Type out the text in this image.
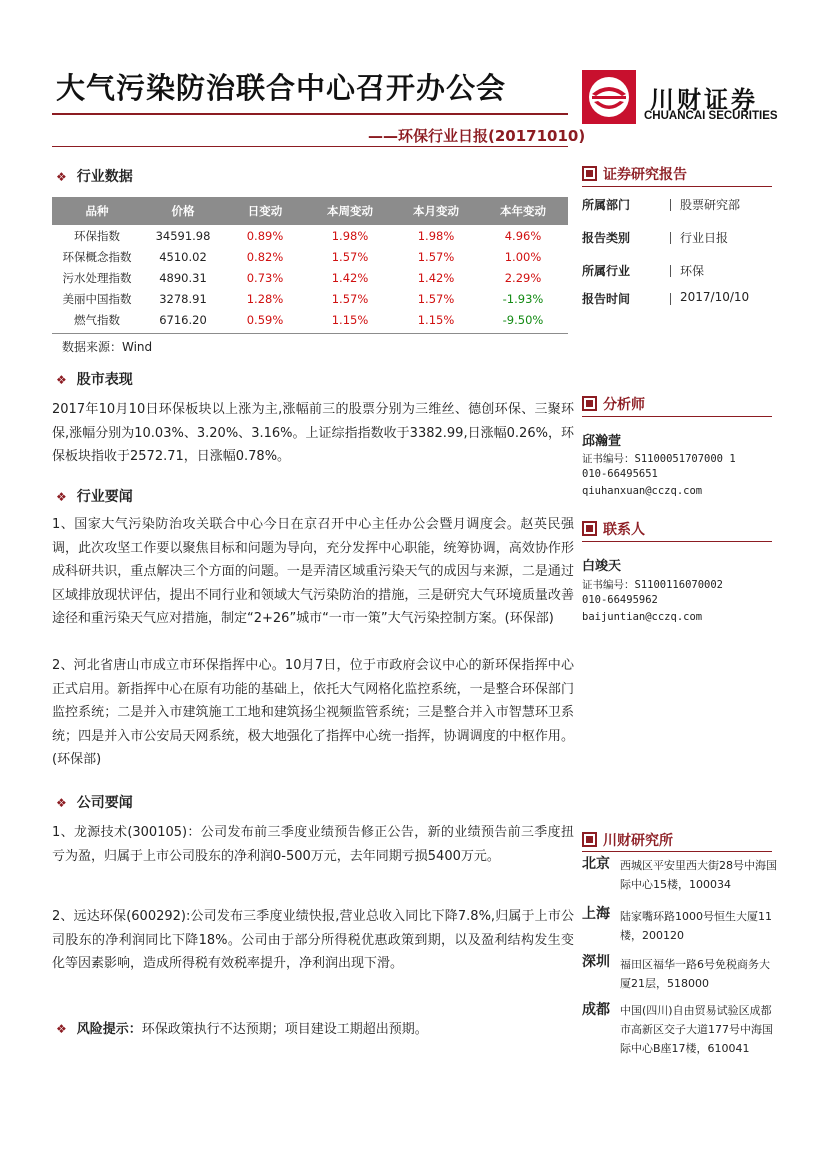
大气污染防治联合中心召开办公会
——环保行业日报(20171010)
川财证券
CHUANCAI SECURITIES
❖ 行业数据
品种	价格	日变动	本周变动	本月变动	本年变动
环保指数	34591.98	0.89%	1.98%	1.98%	4.96%
环保概念指数	4510.02	0.82%	1.57%	1.57%	1.00%
污水处理指数	4890.31	0.73%	1.42%	1.42%	2.29%
美丽中国指数	3278.91	1.28%	1.57%	1.57%	-1.93%
燃气指数	6716.20	0.59%	1.15%	1.15%	-9.50%
数据来源：Wind
❖ 股市表现
2017年10月10日环保板块以上涨为主,涨幅前三的股票分别为三维丝、德创环保、三聚环保,涨幅分别为10.03%、3.20%、3.16%。上证综指指数收于3382.99,日涨幅0.26%，环保板块指收于2572.71，日涨幅0.78%。
❖ 行业要闻
1、国家大气污染防治攻关联合中心今日在京召开中心主任办公会暨月调度会。赵英民强调，此次攻坚工作要以聚焦目标和问题为导向，充分发挥中心职能，统筹协调，高效协作形成科研共识，重点解决三个方面的问题。一是弄清区域重污染天气的成因与来源，二是通过区域排放现状评估，提出不同行业和领域大气污染防治的措施，三是研究大气环境质量改善途径和重污染天气应对措施，制定“2+26”城市“一市一策”大气污染控制方案。(环保部)
2、河北省唐山市成立市环保指挥中心。10月7日，位于市政府会议中心的新环保指挥中心正式启用。新指挥中心在原有功能的基础上，依托大气网格化监控系统，一是整合环保部门监控系统；二是并入市建筑施工工地和建筑扬尘视频监管系统；三是整合并入市智慧环卫系统；四是并入市公安局天网系统，极大地强化了指挥中心统一指挥，协调调度的中枢作用。(环保部)
❖ 公司要闻
1、龙源技术(300105)：公司发布前三季度业绩预告修正公告，新的业绩预告前三季度扭亏为盈，归属于上市公司股东的净利润0-500万元，去年同期亏损5400万元。
2、远达环保(600292):公司发布三季度业绩快报,营业总收入同比下降7.8%,归属于上市公司股东的净利润同比下降18%。公司由于部分所得税优惠政策到期，以及盈利结构发生变化等因素影响，造成所得税有效税率提升，净利润出现下滑。
❖ 风险提示：环保政策执行不达预期；项目建设工期超出预期。
证券研究报告
所属部门	股票研究部
报告类别	行业日报
所属行业	环保
报告时间	2017/10/10
分析师
邱瀚萱
证书编号：S1100051707000 1
010-66495651
qiuhanxuan@cczq.com
联系人
白竣天
证书编号：S1100116070002
010-66495962
baijuntian@cczq.com
川财研究所
北京 西城区平安里西大街28号中海国际中心15楼，100034
上海 陆家嘴环路1000号恒生大厦11楼，200120
深圳 福田区福华一路6号免税商务大厦21层，518000
成都 中国(四川)自由贸易试验区成都市高新区交子大道177号中海国际中心B座17楼，610041
